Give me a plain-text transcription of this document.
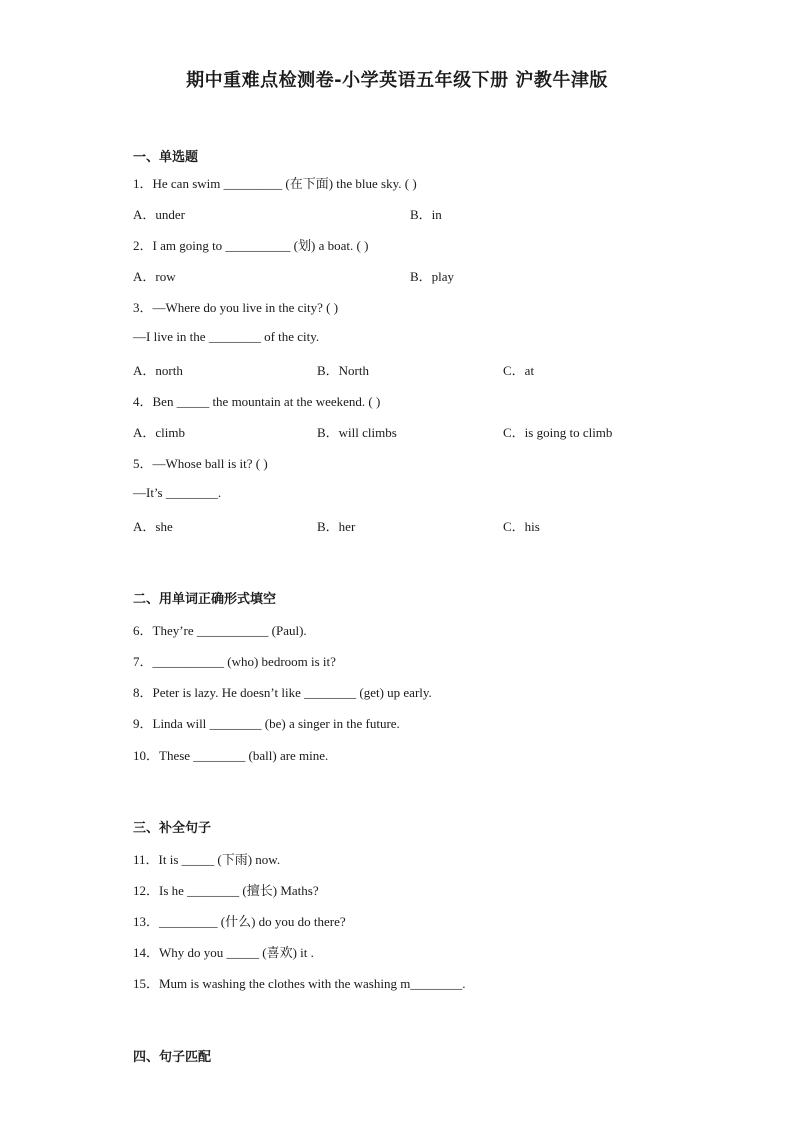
期中重难点检测卷-小学英语五年级下册 沪教牛津版
一、单选题
1．He can swim _________ (在下面) the blue sky. ( )
A．under	B．in
2．I am going to __________ (划) a boat. ( )
A．row	B．play
3．—Where do you live in the city? ( )
—I live in the ________ of the city.
A．north	B．North	C．at
4．Ben _____ the mountain at the weekend. ( )
A．climb	B．will climbs	C．is going to climb
5．—Whose ball is it? ( )
—It’s ________.
A．she	B．her	C．his
二、用单词正确形式填空
6．They’re ___________ (Paul).
7．___________ (who) bedroom is it?
8．Peter is lazy. He doesn’t like ________ (get) up early.
9．Linda will ________ (be) a singer in the future.
10．These ________ (ball) are mine.
三、补全句子
11．It is _____ (下雨) now.
12．Is he ________ (擅长) Maths?
13．_________ (什么) do you do there?
14．Why do you _____ (喜欢) it .
15．Mum is washing the clothes with the washing m________.
四、句子匹配
